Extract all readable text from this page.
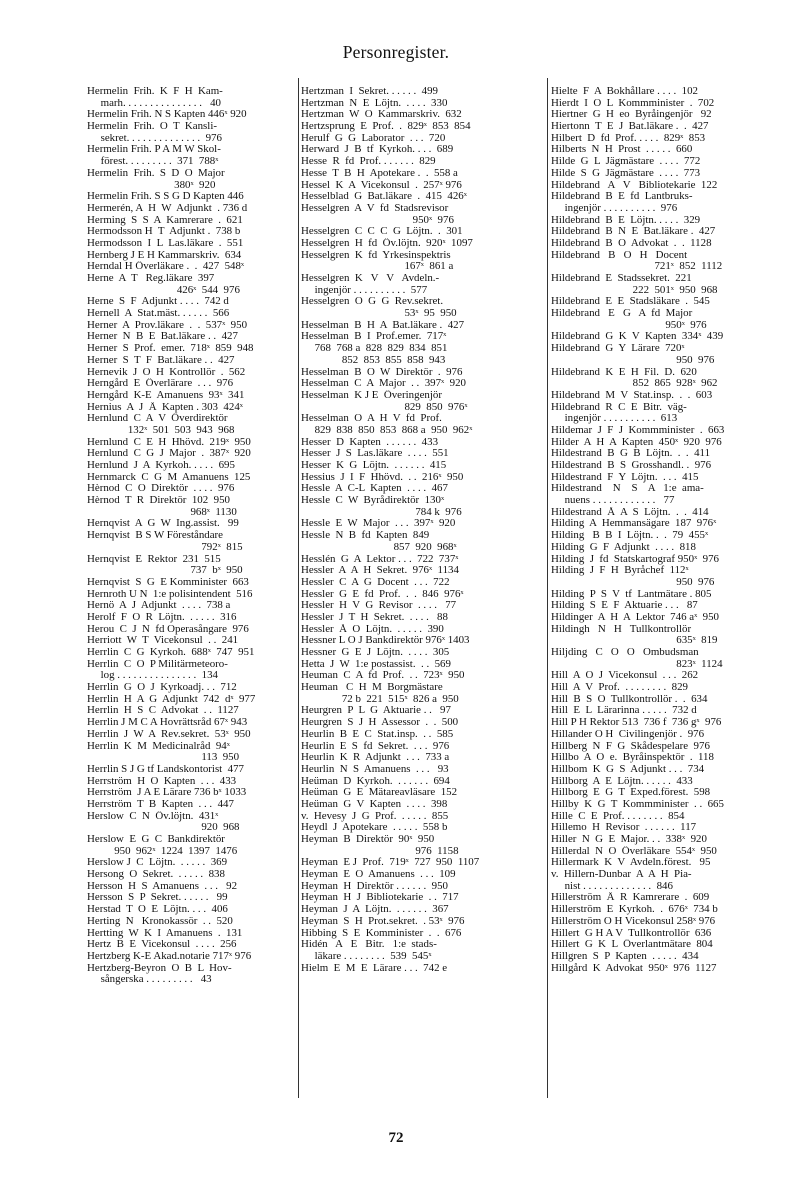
Personregister.
Hermelin  Frih.  K  F  H  Kam-
marh. . . . . . . . . . . . . . .   40
Hermelin Frih. N S Kapten 446ˣ 920
Hermelin  Frih.  O  T  Kansli-
sekret. . . . . . . . . . . . . .  976
Hermelin Frih. P A M W Skol-
förest. . . . . . . . .  371  788ˣ
Hermelin  Frih.  S  D  O  Major
380ˣ  920
Hermelin Frih. S S G D Kapten 446
Hermerén, A  H  W  Adjunkt  . 736 d
Herming  S  S  A  Kamrerare  .  621
Hermodsson H  T  Adjunkt .  738 b
Hermodsson  I  L  Las.läkare  .  551
Hernberg J E H Kammarskriv.  634
Herndal H Överläkare .  .  427  548ˣ
Herne  A  T   Reg.läkare  397
426ˣ  544  976
Herne  S  F  Adjunkt . . . .  742 d
Hernell  A  Stat.mäst. . . . . .  566
Herner  A  Prov.läkare  .  .  537ˣ  950
Herner  N  B  E  Bat.läkare . .  427
Herner  S  Prof.  emer.  718ˣ  859  948
Herner  S  T  F  Bat.läkare . .  427
Hernevik  J  O  H  Kontrollör  .  562
Herngård  E  Överlärare  . . .  976
Herngård  K-E  Amanuens  93ˣ  341
Hernius  A  J  Å  Kapten . 303  424ˣ
Hernlund  C  A  V  Överdirektör
132ˣ  501  503  943  968
Hernlund  C  E  H  Hhövd.  219ˣ  950
Hernlund  C  G  J  Major  .  387ˣ  920
Hernlund  J  A  Kyrkoh. . . . .  695
Hernmarck  C  G  M  Amanuens  125
Hèrnod  C  O  Direktör  . . . .  976
Hèrnod  T  R  Direktör  102  950
968ˣ  1130
Hernqvist  A  G  W  Ing.assist.   99
Hernqvist  B S W Föreståndare
792ˣ  815
Hernqvist  E  Rektor  231  515
737  bˣ  950
Hernqvist  S  G  E Komminister  663
Hernroth U N  1:e polisintendent  516
Hernö  A  J  Adjunkt  . . . .  738 a
Herolf  F  O  R  Löjtn.  . . . . .  316
Herou  C  J  N  fd Operasångare  976
Herriott  W  T  Vicekonsul  . .  241
Herrlin  C  G  Kyrkoh.  688ˣ  747  951
Herrlin  C  O  P Militärmeteoro-
log . . . . . . . . . . . . . . .  134
Herrlin  G  O  J  Kyrkoadj. . .  712
Herrlin  H  A  G  Adjunkt  742  dˣ  977
Herrlin  H  S  C  Advokat  . .  1127
Herrlin J M C A Hovrättsråd 67ˣ 943
Herrlin  J  W  A  Rev.sekret.  53ˣ  950
Herrlin  K  M  Medicinalråd  94ˣ
113  950
Herrlin S J G tf Landskontorist  477
Herrström  H  O  Kapten  . . .  433
Herrström  J A E Lärare 736 bˣ 1033
Herrström  T  B  Kapten  . . .  447
Herslow  C  N  Öv.löjtn.  431ˣ
920  968
Herslow  E  G  C  Bankdirektör
950  962ˣ  1224  1397  1476
Herslow J  C  Löjtn.  . . . . .  369
Hersong  O  Sekret.  . . . . .  838
Hersson  H  S  Amanuens  . . .   92
Hersson  S  P  Sekret. . . . . .   99
Herstad  T  O  E  Löjtn. . . .  406
Herting  N   Kronokassör  . .  520
Hertting  W  K  I  Amanuens  .  131
Hertz  B  E  Vicekonsul  . . . .  256
Hertzberg K-E Akad.notarie 717ˣ 976
Hertzberg-Beyron  O  B  L  Hov-
sångerska . . . . . . . . .   43
Hertzman  I  Sekret. . . . . .  499
Hertzman  N  E  Löjtn.  . . . .  330
Hertzman  W  O  Kammarskriv.  632
Hertzsprung  E  Prof.  .  829ˣ  853  854
Herulf  G  G  Laborator  . . .  720
Herward  J  B  tf  Kyrkoh. . . .  689
Hesse  R  fd  Prof. . . . . . .  829
Hesse  T  B  H  Apotekare .  .  558 a
Hessel  K  A  Vicekonsul  .  257ˣ 976
Hesselblad  G  Bat.läkare  .  415  426ˣ
Hesselgren  A  V  fd  Stadsrevisor
950ˣ  976
Hesselgren  C  C  C  G  Löjtn.  .  301
Hesselgren  H  fd  Öv.löjtn.  920ˣ  1097
Hesselgren  K  fd  Yrkesinspektris
167ˣ  861 a
Hesselgren  K   V   V   Avdeln.-
ingenjör . . . . . . . . . .  577
Hesselgren  O  G  G  Rev.sekret.
53ˣ  95  950
Hesselman  B  H  A  Bat.läkare .  427
Hesselman  B  I  Prof.emer.  717ˣ
768  768 a  828  829  834  851
852  853  855  858  943
Hesselman  B  O  W  Direktör  .  976
Hesselman  C  A  Major  . .  397ˣ  920
Hesselman  K J E  Överingenjör
829  850  976ˣ
Hesselman  O  A  H  V  fd  Prof.
829  838  850  853  868 a  950  962ˣ
Hesser  D  Kapten  . . . . . .  433
Hesser  J  S  Las.läkare  . . . .  551
Hesser  K  G  Löjtn.  . . . . . .  415
Hessius  J  I  F  Hhövd.  . .  216ˣ  950
Hessle  A  C-L  Kapten  . . . .  467
Hessle  C  W  Byrådirektör  130ˣ
784 k  976
Hessle  E  W  Major  . . .  397ˣ  920
Hessle  N  B  fd  Kapten  849
857  920  968ˣ
Hesslén  G  A  Lektor . . .  722  737ˣ
Hessler  A  A  H  Sekret.  976ˣ  1134
Hessler  C  A  G  Docent  . . .  722
Hessler  G  E  fd  Prof.  .  .  846  976ˣ
Hessler  H  V  G  Revisor  . . . .   77
Hessler  J  T  H  Sekret.  . . . .   88
Hessler  Å  O  Löjtn.  . . . . .  390
Hessner L O J Bankdirektör 976ˣ 1403
Hessner  G  E  J  Löjtn.  . . . .  305
Hetta  J  W  1:e postassist.  . .  569
Heuman  C  A  fd  Prof.  . .  723ˣ  950
Heuman   C  H  M  Borgmästare
72 b  221  515ˣ  826 a  950
Heurgren  P  L  G  Aktuarie . .   97
Heurgren  S  J  H  Assessor  .  .  500
Heurlin  B  E  C  Stat.insp.  . .  585
Heurlin  E  S  fd  Sekret.  . . .  976
Heurlin  K  R  Adjunkt  . . .  733 a
Heurlin  N  S  Amanuens  . . .   93
Heüman  D  Kyrkoh.  . . . . . .  694
Heüman  G  E  Mätareavläsare  152
Heüman  G  V  Kapten  . . . .  398
v.  Hevesy  J  G  Prof.  . . . . .  855
Heydl  J  Apotekare  . . . . .  558 b
Heyman  B  Direktör  90ˣ  950
976  1158
Heyman  E J  Prof.  719ˣ  727  950  1107
Heyman  E  O  Amanuens  . . .  109
Heyman  H  Direktör . . . . . .  950
Heyman  H  J  Bibliotekarie  . .  717
Heyman  J  A  Löjtn.  . . . . . .  367
Heyman  S  H  Prot.sekret.  . 53ˣ  976
Hibbing  S  E  Komminister  .  .  676
Hidén   A   E   Bitr.   1:e  stads-
läkare . . . . . . . .  539  545ˣ
Hielm  E  M  E  Lärare . . .  742 e
Hielte  F  A  Bokhållare . . . .  102
Hierdt  I  O  L  Kommminister  .  702
Hiertner  G  H  eo  Byråingenjör   92
Hiertonn  T  E  J  Bat.läkare .  .  427
Hilbert  D  fd  Prof. . . . .  829ˣ  853
Hilberts  N  H  Prost  . . . . .  660
Hilde  G  L  Jägmästare  . . . .  772
Hilde  S  G  Jägmästare  . . . .  773
Hildebrand   A   V   Bibliotekarie  122
Hildebrand  B  E  fd  Lantbruks-
ingenjör . . . . . . . . . .  976
Hildebrand  B  E  Löjtn. . . . .  329
Hildebrand  B  N  E  Bat.läkare .  427
Hildebrand  B  O  Advokat  .  .  1128
Hildebrand   B   O   H   Docent
721ˣ  852  1112
Hildebrand  E  Stadssekret.  221
222  501ˣ  950  968
Hildebrand  E  E  Stadsläkare  .  545
Hildebrand   E   G   A  fd  Major
950ˣ  976
Hildebrand  G  K  V  Kapten  334ˣ  439
Hildebrand  G  Y  Lärare  720ˣ
950  976
Hildebrand  K  E  H  Fil.  D.  620
852  865  928ˣ  962
Hildebrand  M  V  Stat.insp.  .  .  603
Hildebrand  R  C  E  Bitr.  väg-
ingenjör . . . . . . . . . .  613
Hildemar  J  F  J  Kommminister  .  663
Hilder  A  H  A  Kapten  450ˣ  920  976
Hildestrand  B  G  B  Löjtn.  .  .  411
Hildestrand  B  S  Grosshandl. .  976
Hildestrand  F  Y  Löjtn.  . . .  415
Hildestrand    N    S    A   1:e  ama-
nuens . . . . . . . . . . . .   77
Hildestrand  Å  A  S  Löjtn.  .  .  414
Hilding  A  Hemmansägare  187  976ˣ
Hilding   B  B  I  Löjtn. .  .  79  455ˣ
Hilding  G  F  Adjunkt  . . . .  818
Hilding  J  fd  Statskartograf 950ˣ  976
Hilding  J  F  H  Byråchef  112ˣ
950  976
Hilding  P  S  V  tf  Lantmätare . 805
Hilding  S  E  F  Aktuarie . . .   87
Hildinger  A  H  A  Lektor  746 aˣ  950
Hildingh   N   H   Tullkontrollör
635ˣ  819
Hiljding   C   O   O   Ombudsman
823ˣ  1124
Hill  A  O  J  Vicekonsul  . . .  262
Hill  A  V  Prof.  . . . . . . . .  829
Hill  B  S  O  Tullkontrollör .  .  634
Hill  E  L  Lärarinna . . . . .  732 d
Hill P H Rektor 513  736 f  736 gˣ  976
Hillander O H  Civilingenjör .  976
Hillberg  N  F  G  Skådespelare  976
Hillbo  A  O  e.  Byråinspektör  .  118
Hillbom  K  G  S  Adjunkt . . .  734
Hillborg  A  E  Löjtn. . . . . .  433
Hillborg  E  G  T  Exped.förest.  598
Hillby  K  G  T  Kommminister  . .  665
Hille  C  E  Prof. . . . . . . .  854
Hillemo  H  Revisor  . . . . . .  117
Hiller  N  G  E  Major. . .  338ˣ  920
Hillerdal  N  O  Överläkare  554ˣ  950
Hillermark  K  V  Avdeln.förest.   95
v.  Hillern-Dunbar  A  A  H  Pia-
nist . . . . . . . . . . . . .  846
Hillerström  Å  R  Kamrerare  .  609
Hillerström  E  Kyrkoh.  .  676ˣ  734 b
Hillerström O H Vicekonsul 258ˣ 976
Hillert  G H A V  Tullkontrollör  636
Hillert  G  K  L  Överlantmätare  804
Hillgren  S  P  Kapten  . . . . .  434
Hillgård  K  Advokat  950ˣ  976  1127
72
